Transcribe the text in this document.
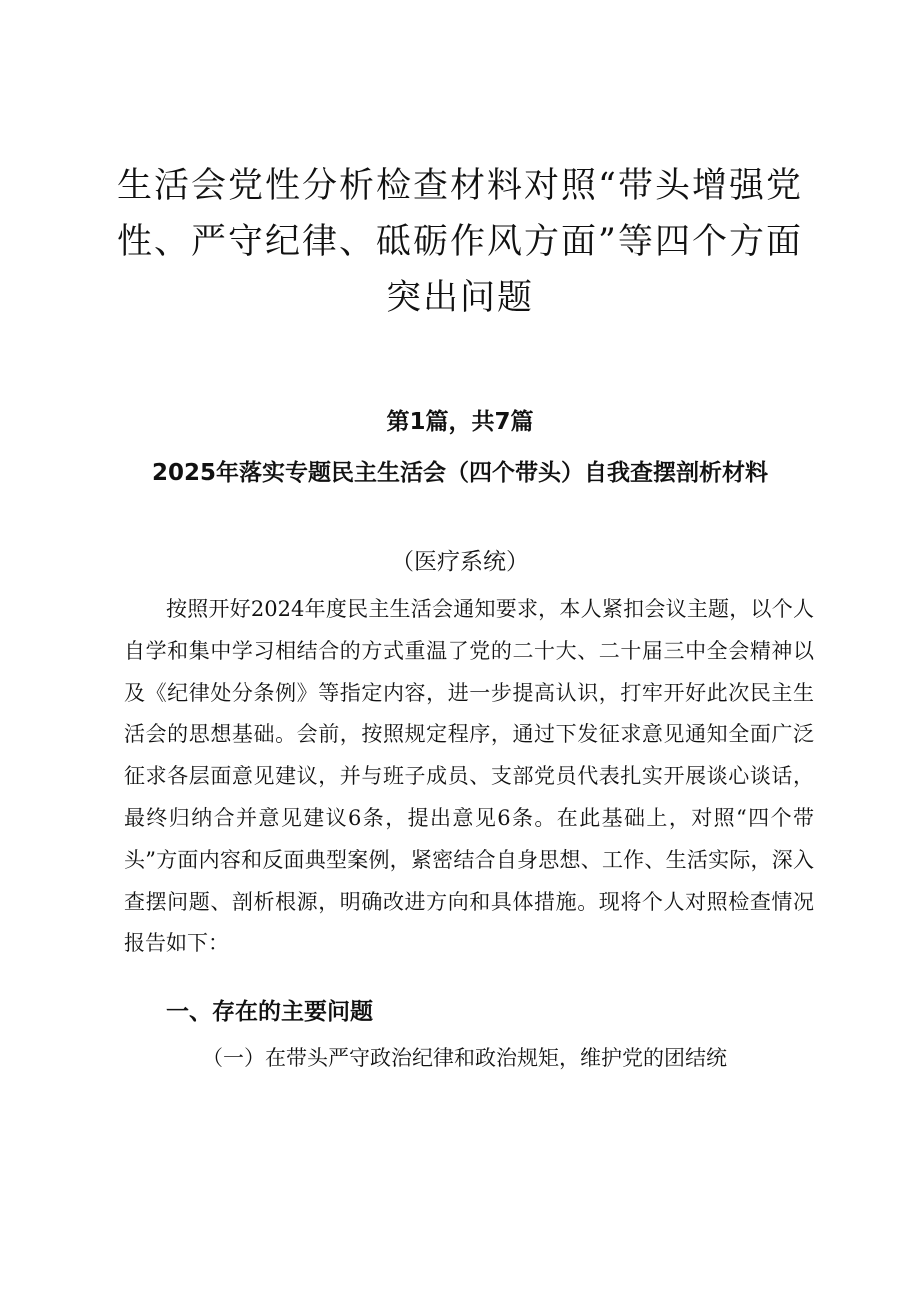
生活会党性分析检查材料对照“带头增强党性、严守纪律、砥砺作风方面”等四个方面突出问题
第1篇，共7篇
2025年落实专题民主生活会（四个带头）自我查摆剖析材料
（医疗系统）
按照开好2024年度民主生活会通知要求，本人紧扣会议主题，以个人自学和集中学习相结合的方式重温了党的二十大、二十届三中全会精神以及《纪律处分条例》等指定内容，进一步提高认识，打牢开好此次民主生活会的思想基础。会前，按照规定程序，通过下发征求意见通知全面广泛征求各层面意见建议，并与班子成员、支部党员代表扎实开展谈心谈话，最终归纳合并意见建议6条，提出意见6条。在此基础上，对照“四个带头”方面内容和反面典型案例，紧密结合自身思想、工作、生活实际，深入查摆问题、剖析根源，明确改进方向和具体措施。现将个人对照检查情况报告如下：
一、存在的主要问题
（一）在带头严守政治纪律和政治规矩，维护党的团结统
